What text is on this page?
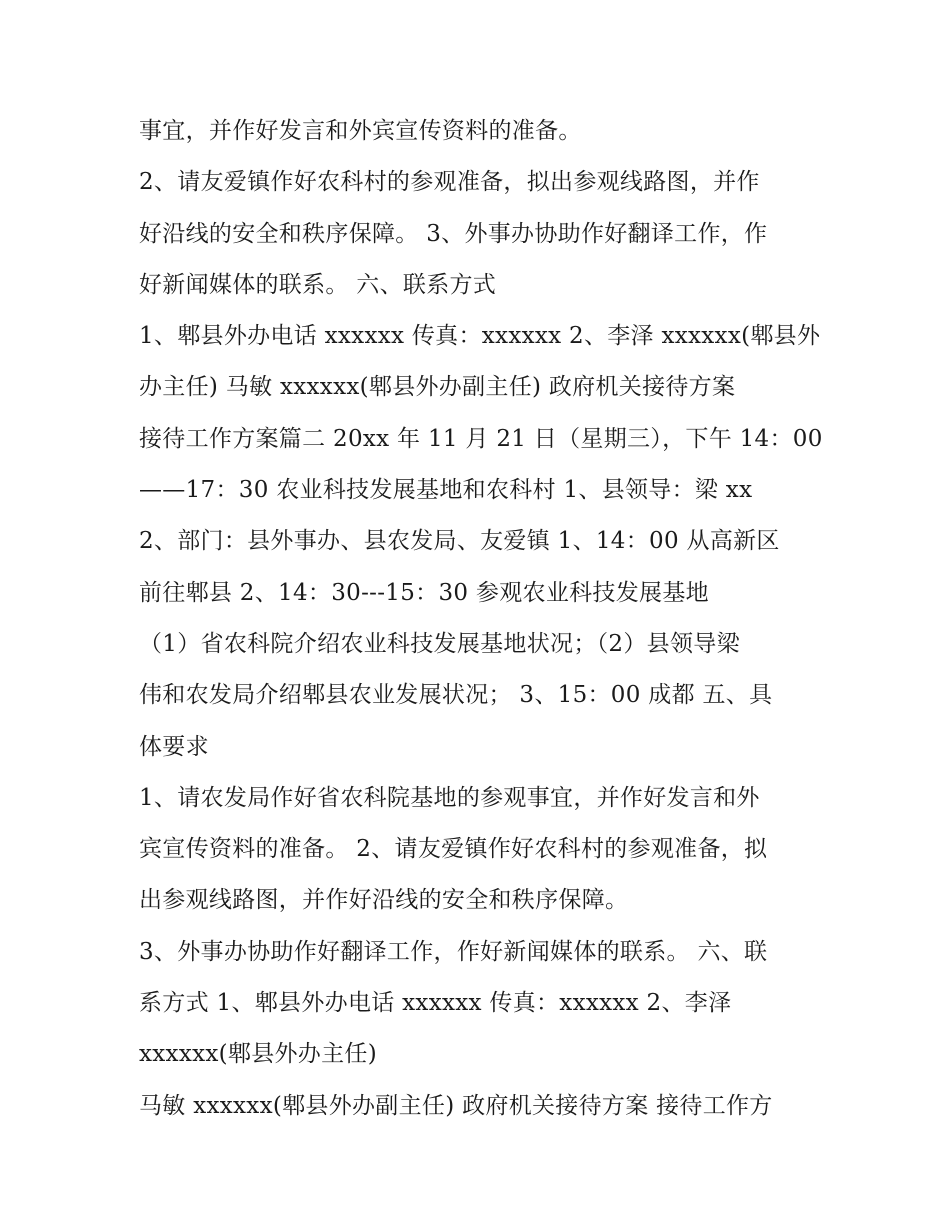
事宜，并作好发言和外宾宣传资料的准备。
2、请友爱镇作好农科村的参观准备，拟出参观线路图，并作
好沿线的安全和秩序保障。 3、外事办协助作好翻译工作，作
好新闻媒体的联系。 六、联系方式
1、郫县外办电话 xxxxxx 传真：xxxxxx 2、李泽 xxxxxx(郫县外
办主任) 马敏 xxxxxx(郫县外办副主任) 政府机关接待方案
接待工作方案篇二 20xx 年 11 月 21 日（星期三），下午 14：00
——17：30 农业科技发展基地和农科村 1、县领导：梁 xx
2、部门：县外事办、县农发局、友爱镇 1、14：00 从高新区
前往郫县 2、14：30---15：30 参观农业科技发展基地
（1）省农科院介绍农业科技发展基地状况；（2）县领导梁
伟和农发局介绍郫县农业发展状况； 3、15：00 成都 五、具
体要求
1、请农发局作好省农科院基地的参观事宜，并作好发言和外
宾宣传资料的准备。 2、请友爱镇作好农科村的参观准备，拟
出参观线路图，并作好沿线的安全和秩序保障。
3、外事办协助作好翻译工作，作好新闻媒体的联系。 六、联
系方式 1、郫县外办电话 xxxxxx 传真：xxxxxx 2、李泽
xxxxxx(郫县外办主任)
马敏 xxxxxx(郫县外办副主任) 政府机关接待方案 接待工作方
